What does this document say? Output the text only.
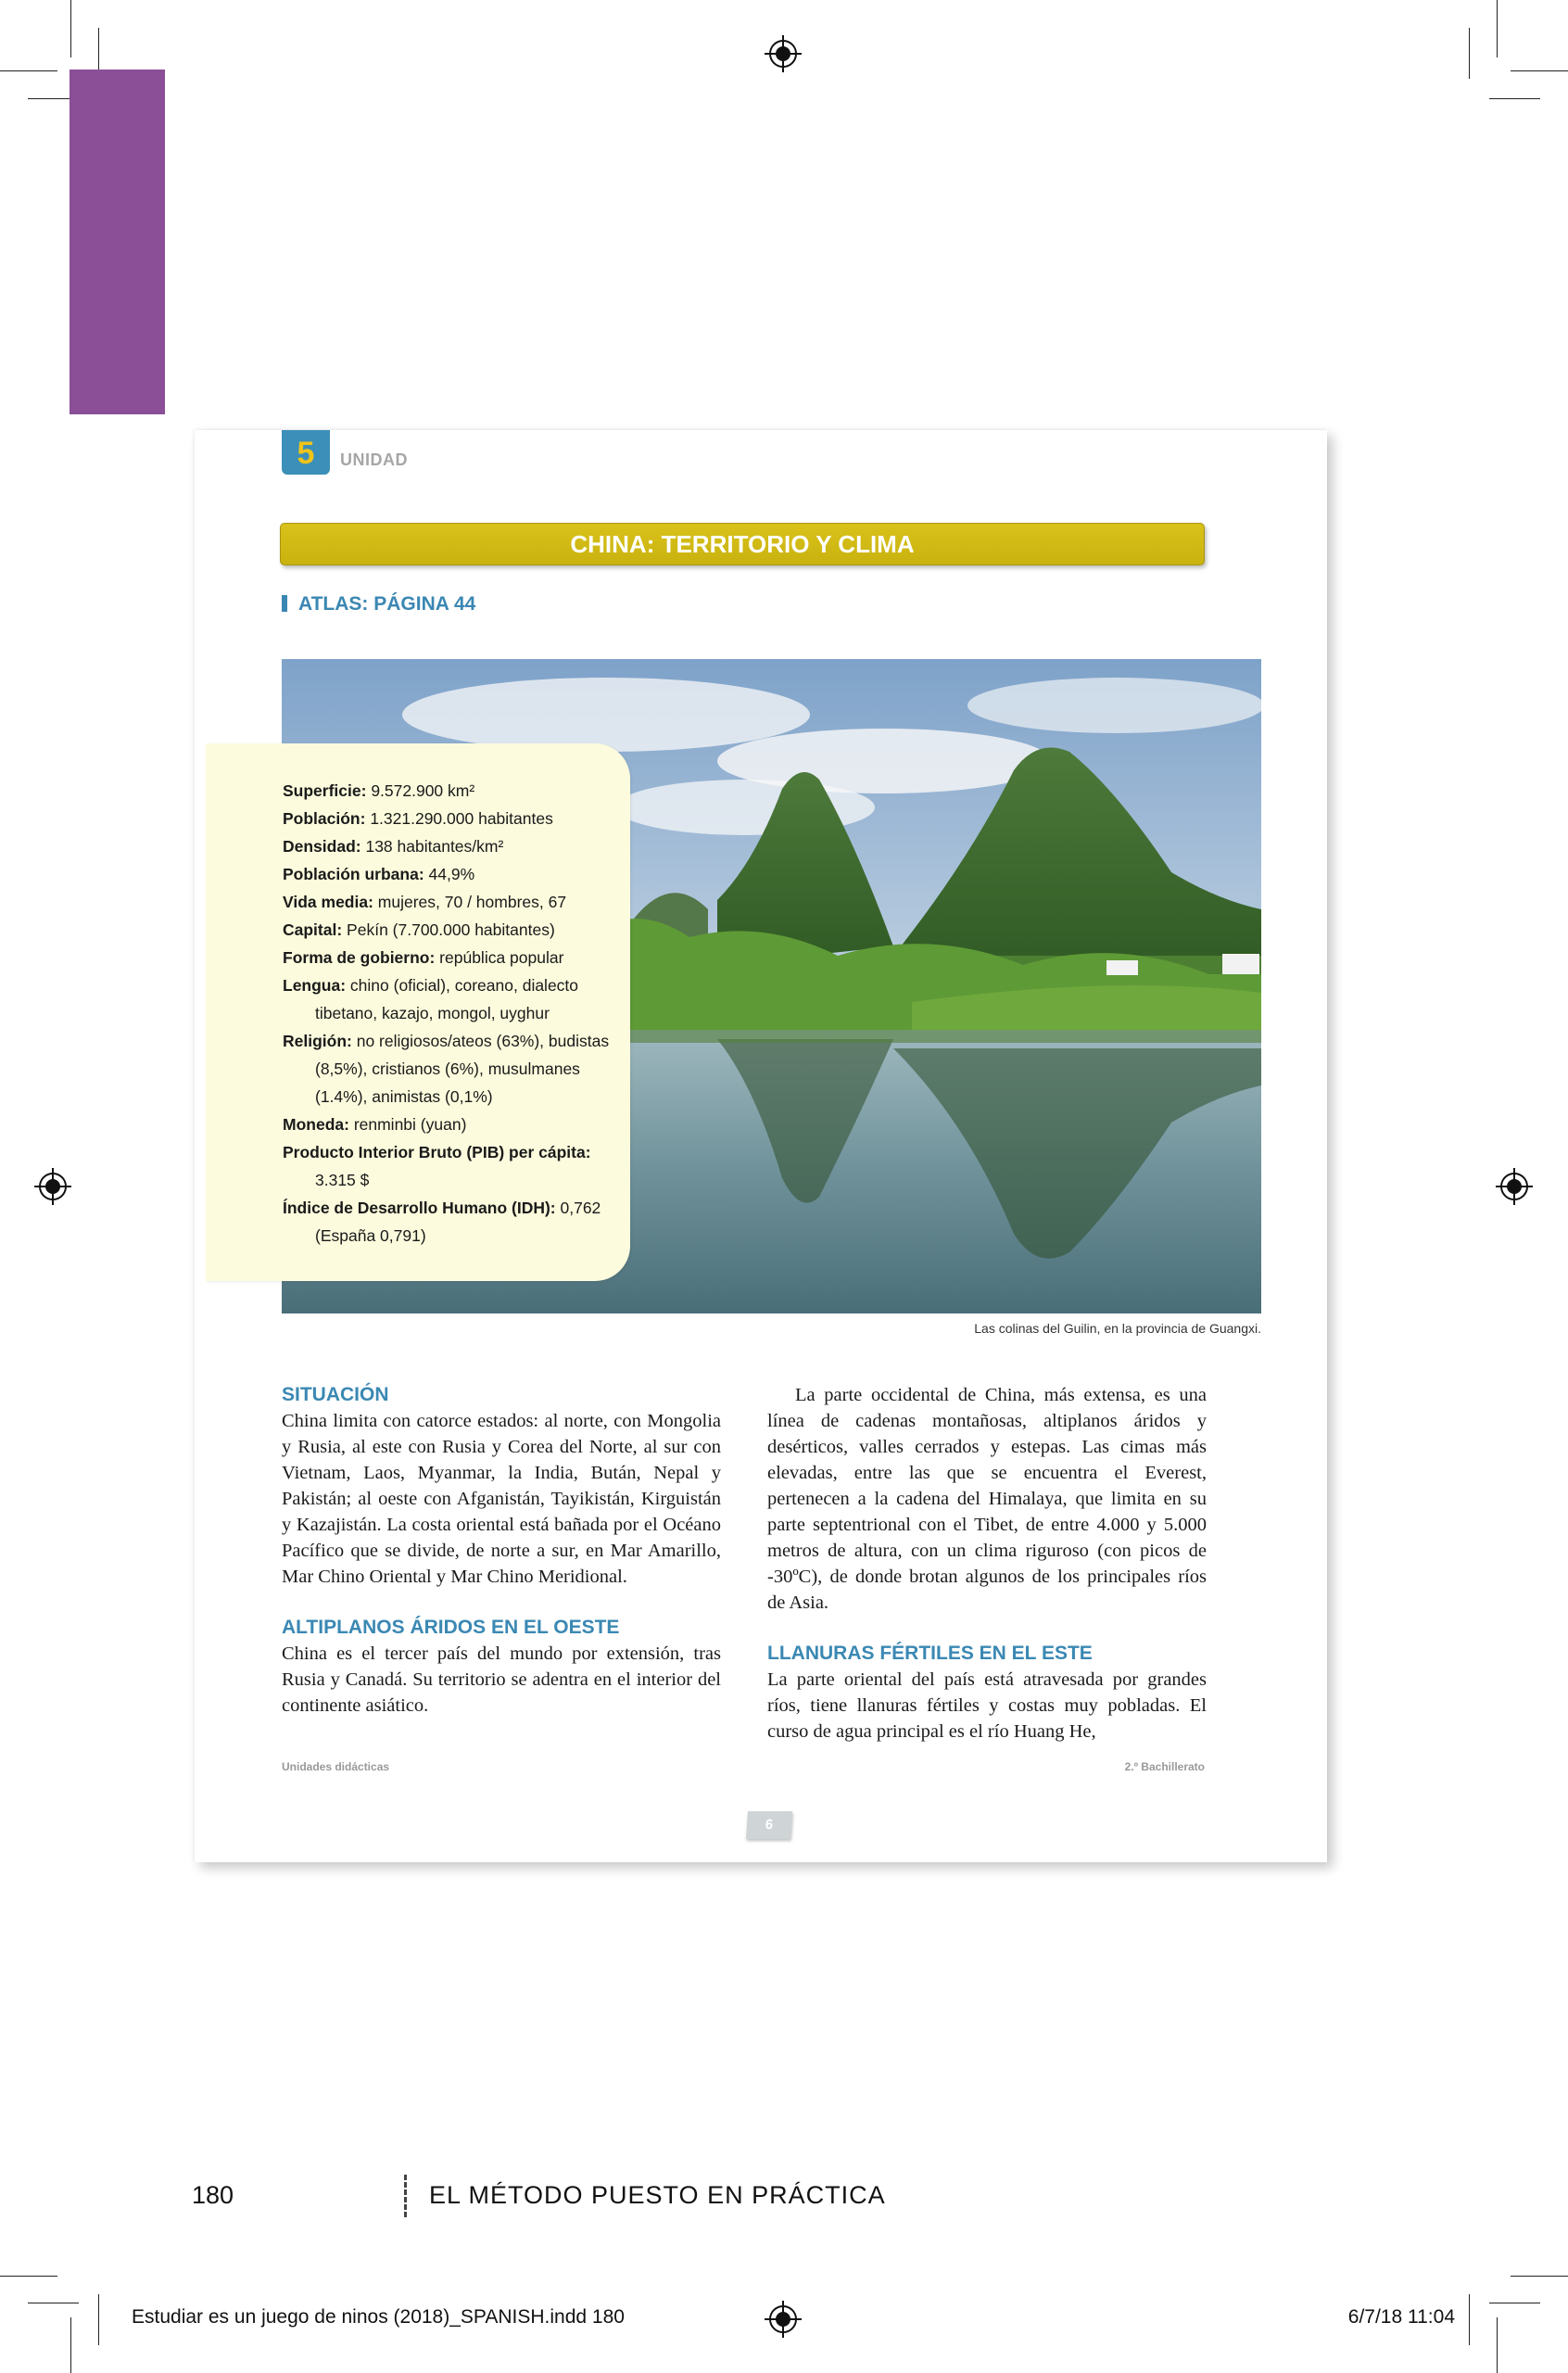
5	UNIDAD
CHINA: TERRITORIO Y CLIMA
ATLAS: PÁGINA 44
Las colinas del Guilin, en la provincia de Guangxi.

Superficie: 9.572.900 km²

Población: 1.321.290.000 habitantes

Densidad: 138 habitantes/km²

Población urbana: 44,9%

Vida media: mujeres, 70 / hombres, 67

Capital: Pekín (7.700.000 habitantes)

Forma de gobierno: república popular

Lengua: chino (oficial), coreano, dialecto tibetano, kazajo, mongol, uyghur

Religión: no religiosos/ateos (63%), budistas (8,5%), cristianos (6%), musulmanes (1.4%), animistas (0,1%)

Moneda: renminbi (yuan)

Producto Interior Bruto (PIB) per cápita: 3.315 $

Índice de Desarrollo Humano (IDH): 0,762 (España 0,791)

SITUACIÓN

China limita con catorce estados: al norte, con Mongolia y Rusia, al este con Rusia y Corea del Norte, al sur con Vietnam, Laos, Myanmar, la India, Bután, Nepal y Pakistán; al oeste con Afganistán, Tayikistán, Kirguistán y Kazajistán. La costa oriental está bañada por el Océano Pacífico que se divide, de norte a sur, en Mar Amarillo, Mar Chino Oriental y Mar Chino Meridional.

ALTIPLANOS ÁRIDOS EN EL OESTE

China es el tercer país del mundo por extensión, tras Rusia y Canadá. Su territorio se adentra en el interior del continente asiático.

La parte occidental de China, más extensa, es una línea de cadenas montañosas, altiplanos áridos y desérticos, valles cerrados y estepas. Las cimas más elevadas, entre las que se encuentra el Everest, pertenecen a la cadena del Himalaya, que limita en su parte septentrional con el Tibet, de entre 4.000 y 5.000 metros de altura, con un clima riguroso (con picos de -30ºC), de donde brotan algunos de los principales ríos de Asia.

LLANURAS FÉRTILES EN EL ESTE

La parte oriental del país está atravesada por grandes ríos, tiene llanuras fértiles y costas muy pobladas. El curso de agua principal es el río Huang He,

Unidades didácticas	2.º Bachillerato
6
180	EL MÉTODO PUESTO EN PRÁCTICA
Estudiar es un juego de ninos (2018)_SPANISH.indd 180	6/7/18 11:04
